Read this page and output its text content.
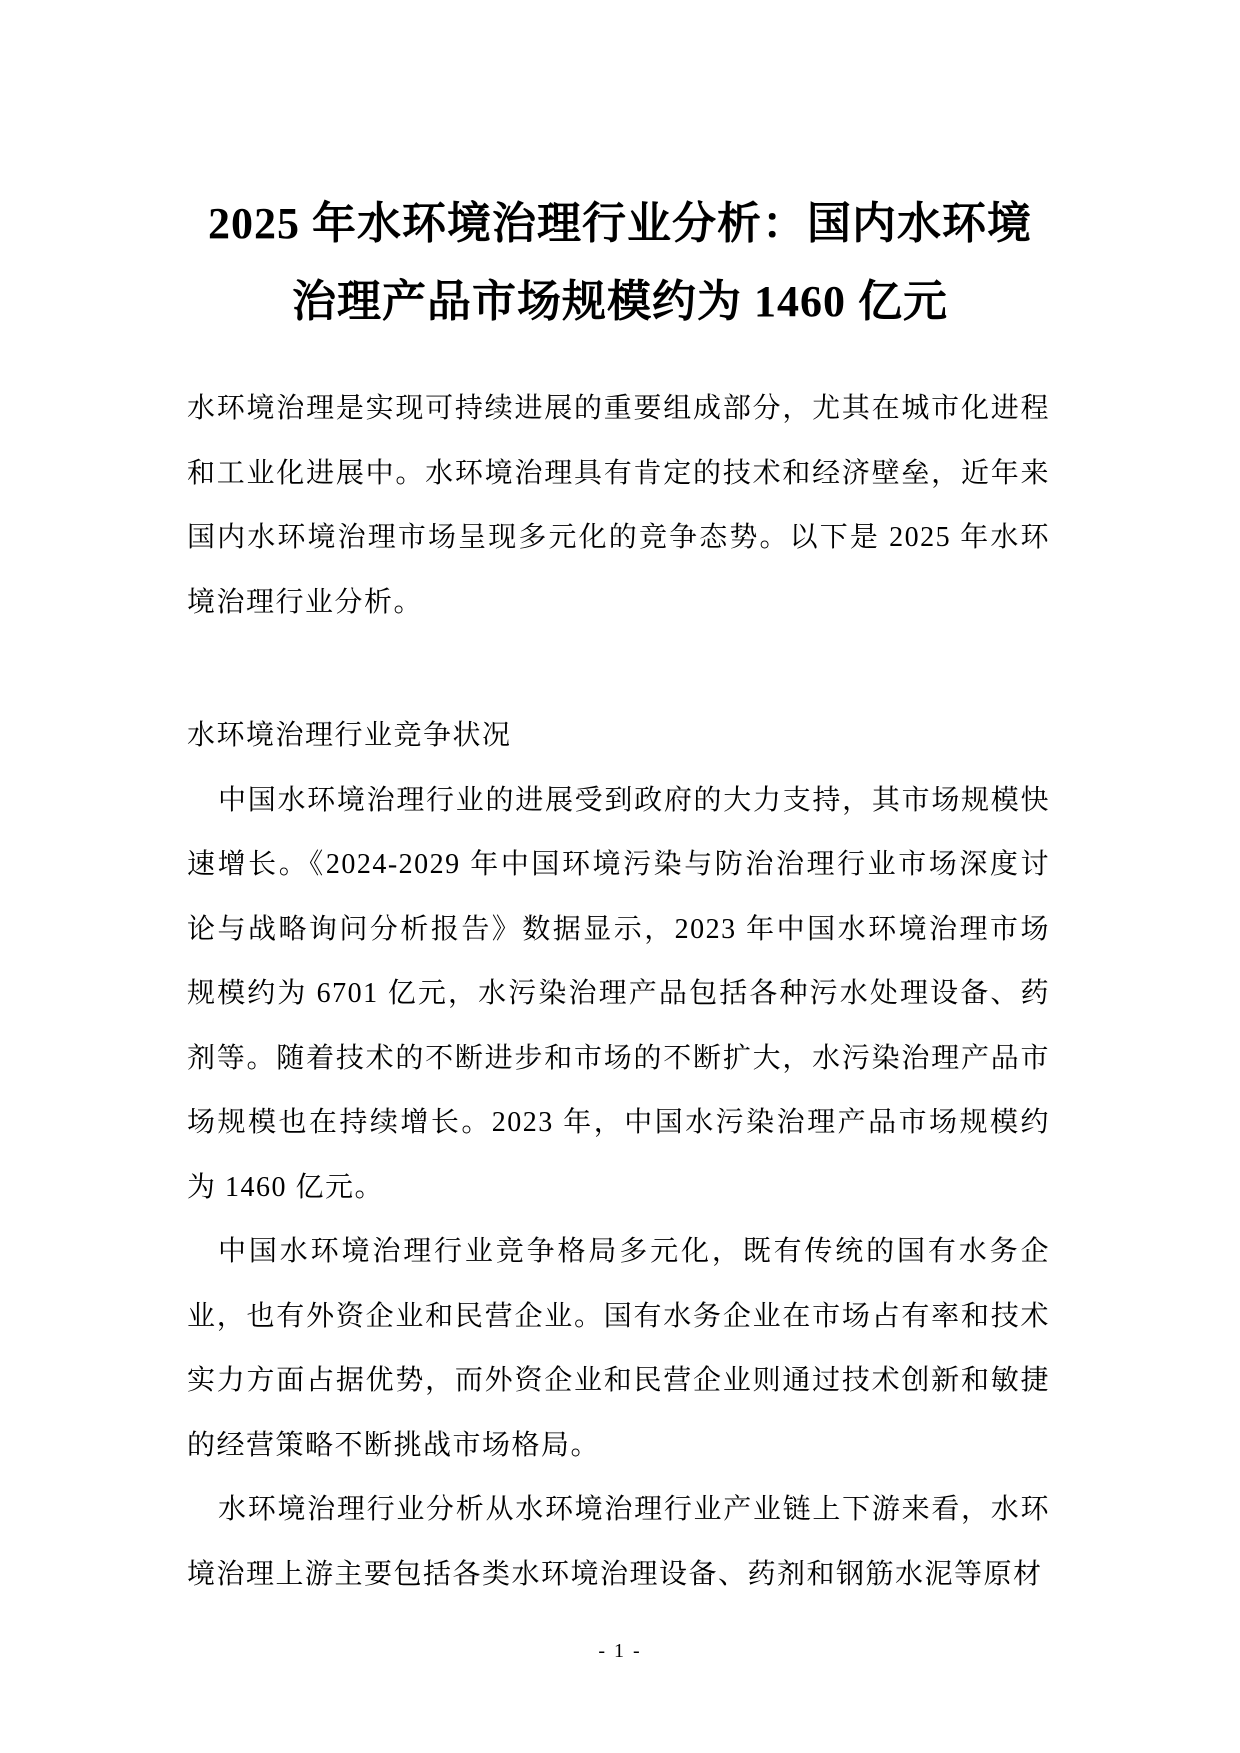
2025 年水环境治理行业分析：国内水环境
治理产品市场规模约为 1460 亿元

水环境治理是实现可持续进展的重要组成部分，尤其在城市化进程和工业化进展中。水环境治理具有肯定的技术和经济壁垒，近年来国内水环境治理市场呈现多元化的竞争态势。以下是 2025 年水环境治理行业分析。

水环境治理行业竞争状况

中国水环境治理行业的进展受到政府的大力支持，其市场规模快速增长。《2024-2029 年中国环境污染与防治治理行业市场深度讨论与战略询问分析报告》数据显示，2023 年中国水环境治理市场规模约为 6701 亿元，水污染治理产品包括各种污水处理设备、药剂等。随着技术的不断进步和市场的不断扩大，水污染治理产品市场规模也在持续增长。2023 年，中国水污染治理产品市场规模约为 1460 亿元。

中国水环境治理行业竞争格局多元化，既有传统的国有水务企业，也有外资企业和民营企业。国有水务企业在市场占有率和技术实力方面占据优势，而外资企业和民营企业则通过技术创新和敏捷的经营策略不断挑战市场格局。

水环境治理行业分析从水环境治理行业产业链上下游来看，水环境治理上游主要包括各类水环境治理设备、药剂和钢筋水泥等原材

- 1 -
